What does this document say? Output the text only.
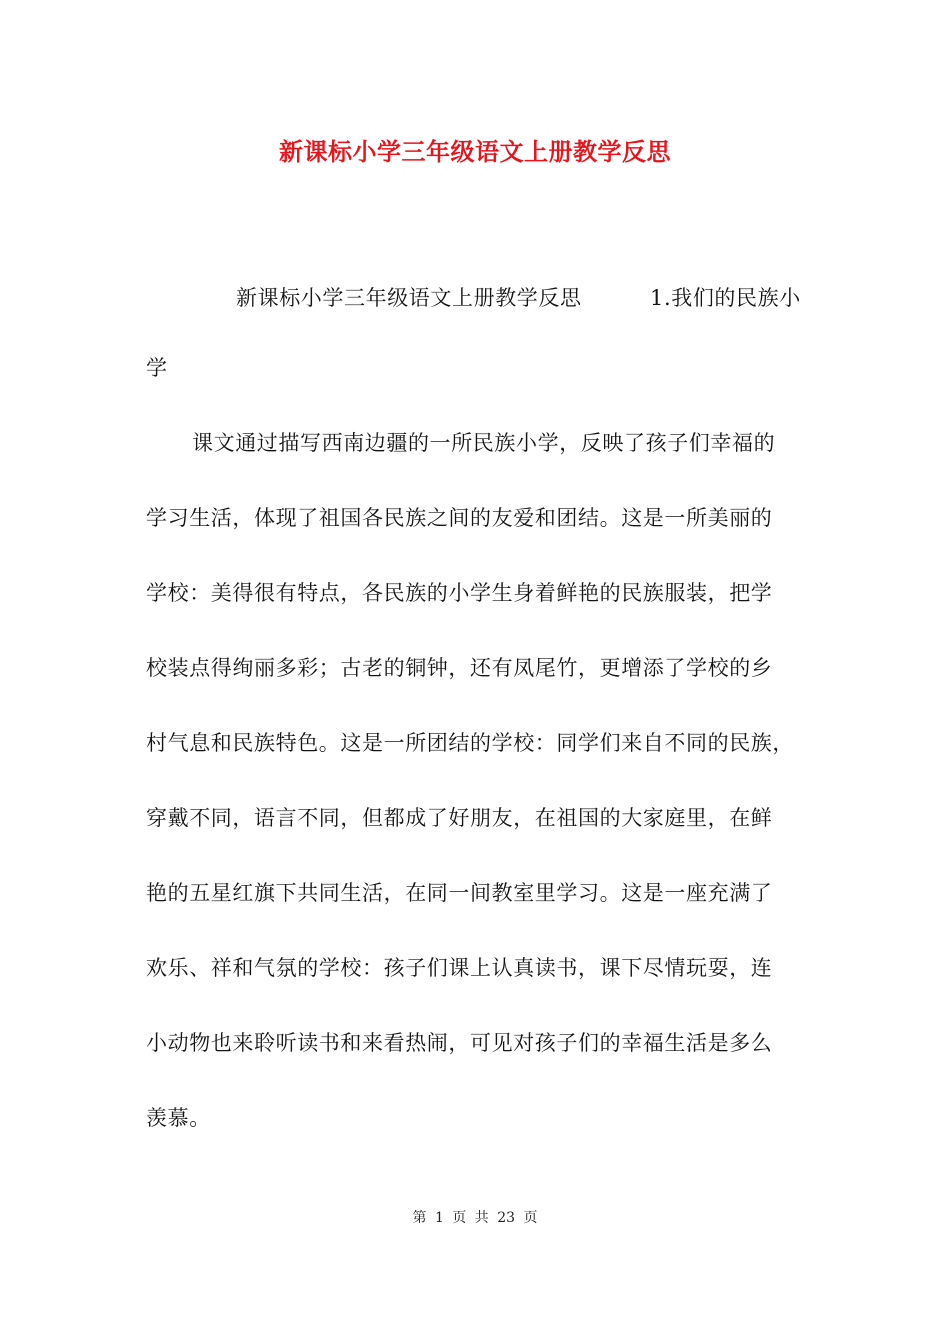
新课标小学三年级语文上册教学反思
新课标小学三年级语文上册教学反思	1.我们的民族小
学
课文通过描写西南边疆的一所民族小学，反映了孩子们幸福的
学习生活，体现了祖国各民族之间的友爱和团结。这是一所美丽的
学校：美得很有特点，各民族的小学生身着鲜艳的民族服装，把学
校装点得绚丽多彩；古老的铜钟，还有凤尾竹，更增添了学校的乡
村气息和民族特色。这是一所团结的学校：同学们来自不同的民族，
穿戴不同，语言不同，但都成了好朋友，在祖国的大家庭里，在鲜
艳的五星红旗下共同生活，在同一间教室里学习。这是一座充满了
欢乐、祥和气氛的学校：孩子们课上认真读书，课下尽情玩耍，连
小动物也来聆听读书和来看热闹，可见对孩子们的幸福生活是多么
羡慕。
第 1 页 共 23 页
